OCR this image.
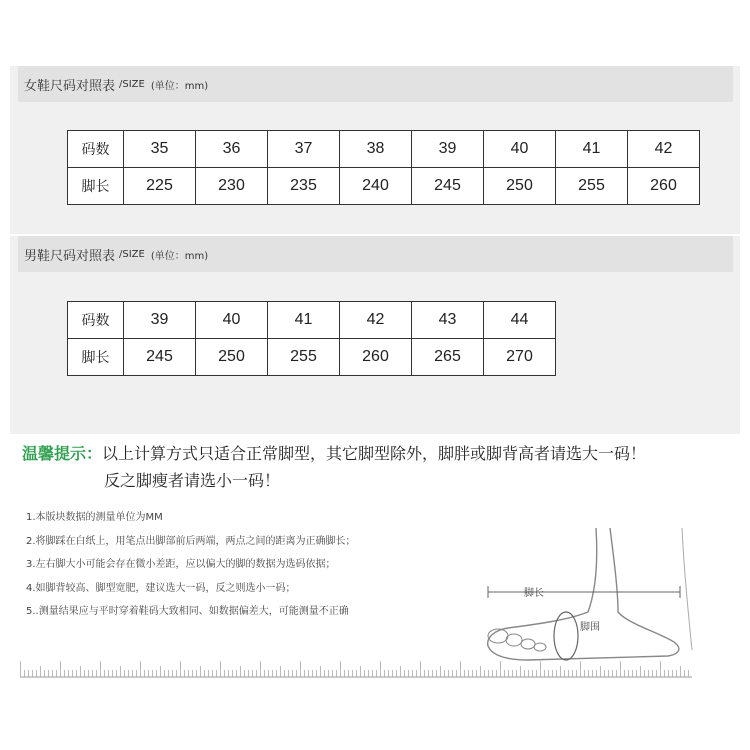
女鞋尺码对照表 /SIZE (单位：mm)
码数	35	36	37	38	39	40	41	42
脚长	225	230	235	240	245	250	255	260
男鞋尺码对照表 /SIZE (单位：mm)
码数	39	40	41	42	43	44
脚长	245	250	255	260	265	270
温馨提示：以上计算方式只适合正常脚型，其它脚型除外，脚胖或脚背高者请选大一码！
反之脚瘦者请选小一码！
1.本版块数据的测量单位为MM
2.将脚踩在白纸上，用笔点出脚部前后两端，两点之间的距离为正确脚长；
3.左右脚大小可能会存在微小差距，应以偏大的脚的数据为选码依据；
4.如脚背较高、脚型宽肥，建议选大一码，反之则选小一码；
5..测量结果应与平时穿着鞋码大致相同、如数据偏差大，可能测量不正确
脚长
脚围
